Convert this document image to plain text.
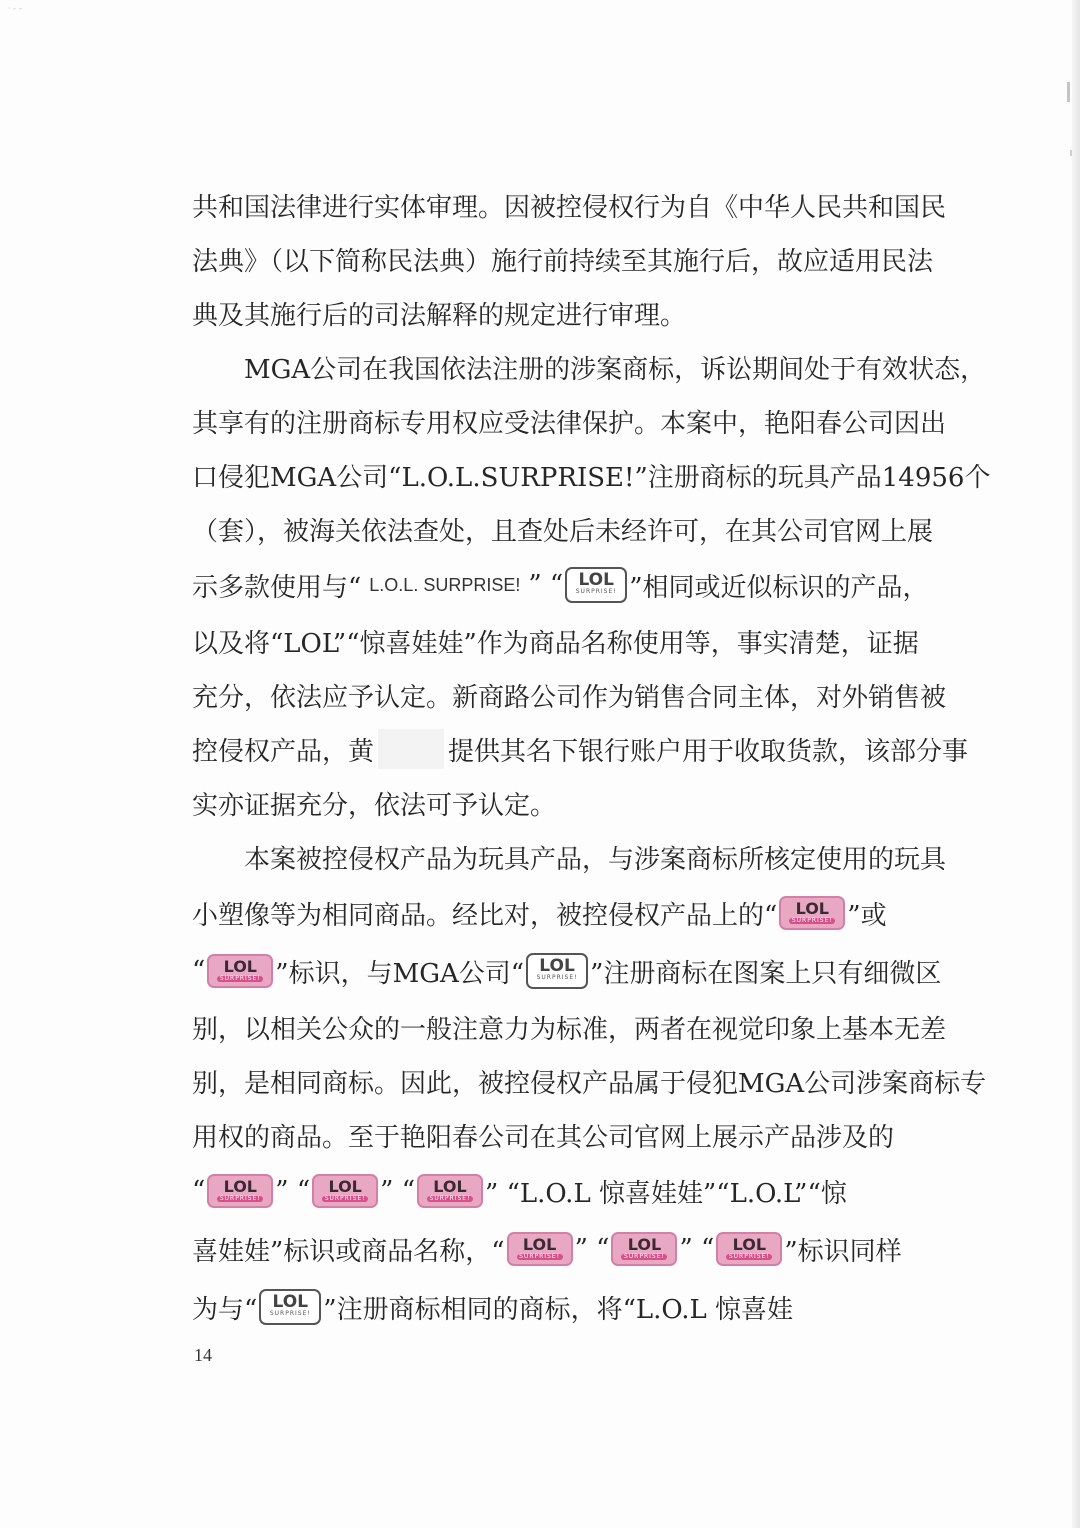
·––
共和国法律进行实体审理。因被控侵权行为自《中华人民共和国民
法典》（以下简称民法典）施行前持续至其施行后，故应适用民法
典及其施行后的司法解释的规定进行审理。
MGA公司在我国依法注册的涉案商标，诉讼期间处于有效状态，
其享有的注册商标专用权应受法律保护。本案中，艳阳春公司因出
口侵犯MGA公司“L.O.L.SURPRISE!”注册商标的玩具产品14956个
（套），被海关依法查处，且查处后未经许可，在其公司官网上展
示多款使用与“ L.O.L. SURPRISE! ” “ LOL
SURPRISE! ”相同或近似标识的产品，
以及将“LOL”“惊喜娃娃”作为商品名称使用等，事实清楚，证据
充分，依法应予认定。新商路公司作为销售合同主体，对外销售被
控侵权产品，黄	提供其名下银行账户用于收取货款，该部分事
实亦证据充分，依法可予认定。
本案被控侵权产品为玩具产品，与涉案商标所核定使用的玩具
小塑像等为相同商品。经比对，被控侵权产品上的“	LOL
SURPRISE! ”或
“	LOL
SURPRISE! ”标识，与MGA公司“ LOL
SURPRISE! ”注册商标在图案上只有细微区
别，以相关公众的一般注意力为标准，两者在视觉印象上基本无差
别，是相同商标。因此，被控侵权产品属于侵犯MGA公司涉案商标专
用权的商品。至于艳阳春公司在其公司官网上展示产品涉及的
“	LOL
SURPRISE! ” “	LOL
SURPRISE! ” “	LOL
SURPRISE! ” “L.O.L 惊喜娃娃”“L.O.L”“惊
喜娃娃”标识或商品名称，“	LOL
SURPRISE! ” “	LOL
SURPRISE! ” “	LOL
SURPRISE! ”标识同样
为与“ LOL
SURPRISE! ”注册商标相同的商标，将“L.O.L 惊喜娃
14
